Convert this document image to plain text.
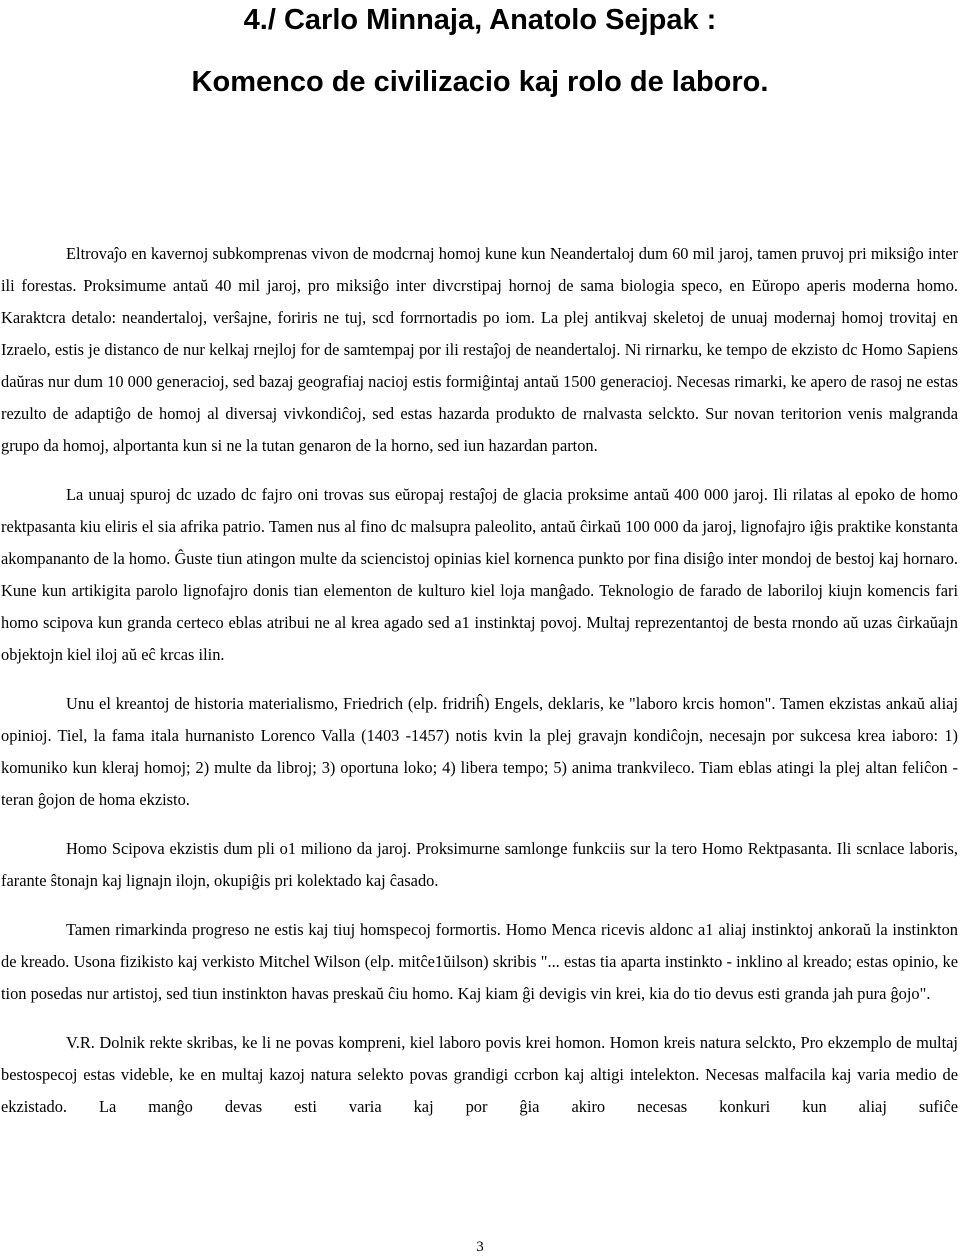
4./ Carlo Minnaja, Anatolo Sejpak :
Komenco de civilizacio kaj rolo de laboro.

Eltrovaĵo en kavernoj subkomprenas vivon de modcrnaj homoj kune kun Neandertaloj dum 60 mil jaroj, tamen pruvoj pri miksiĝo inter ili forestas. Proksimume antaŭ 40 mil jaroj, pro miksiĝo inter divcrstipaj hornoj de sama biologia speco, en Eŭropo aperis moderna homo. Karaktcra detalo: neandertaloj, verŝajne, foriris ne tuj, scd forrnortadis po iom. La plej antikvaj skeletoj de unuaj modernaj homoj trovitaj en Izraelo, estis je distanco de nur kelkaj rnejloj for de samtempaj por ili restaĵoj de neandertaloj. Ni rirnarku, ke tempo de ekzisto dc Homo Sapiens daŭras nur dum 10 000 generacioj, sed bazaj geografiaj nacioj estis formiĝintaj antaŭ 1500 generacioj. Necesas rimarki, ke apero de rasoj ne estas rezulto de adaptiĝo de homoj al diversaj vivkondiĉoj, sed estas hazarda produkto de rnalvasta selckto. Sur novan teritorion venis malgranda grupo da homoj, alportanta kun si ne la tutan genaron de la horno, sed iun hazardan parton.

La unuaj spuroj dc uzado dc fajro oni trovas sus eŭropaj restaĵoj de glacia proksime antaŭ 400 000 jaroj. Ili rilatas al epoko de homo rektpasanta kiu eliris el sia afrika patrio. Tamen nus al fino dc malsupra paleolito, antaŭ ĉirkaŭ 100 000 da jaroj, lignofajro iĝis praktike konstanta akompananto de la homo. Ĝuste tiun atingon multe da sciencistoj opinias kiel kornenca punkto por fina disiĝo inter mondoj de bestoj kaj hornaro. Kune kun artikigita parolo lignofajro donis tian elementon de kulturo kiel loja manĝado. Teknologio de farado de laboriloj kiujn komencis fari homo scipova kun granda certeco eblas atribui ne al krea agado sed a1 instinktaj povoj. Multaj reprezentantoj de besta rnondo aŭ uzas ĉirkaŭajn objektojn kiel iloj aŭ eĉ krcas ilin.

Unu el kreantoj de historia materialismo, Friedrich (elp. fridriĥ) Engels, deklaris, ke "laboro krcis homon". Tamen ekzistas ankaŭ aliaj opinioj. Tiel, la fama itala hurnanisto Lorenco Valla (1403 -1457) notis kvin la plej gravajn kondiĉojn, necesajn por sukcesa krea iaboro: 1) komuniko kun kleraj homoj; 2) multe da libroj; 3) oportuna loko; 4) libera tempo; 5) anima trankvileco. Tiam eblas atingi la plej altan feliĉon - teran ĝojon de homa ekzisto.

Homo Scipova ekzistis dum pli o1 miliono da jaroj. Proksimurne samlonge funkciis sur la tero Homo Rektpasanta. Ili scnlace laboris, farante ŝtonajn kaj lignajn ilojn, okupiĝis pri kolektado kaj ĉasado.

Tamen rimarkinda progreso ne estis kaj tiuj homspecoj formortis. Homo Menca ricevis aldonc a1 aliaj instinktoj ankoraŭ la instinkton de kreado. Usona fizikisto kaj verkisto Mitchel Wilson (elp. mitĉe1ŭilson) skribis "... estas tia aparta instinkto - inklino al kreado; estas opinio, ke tion posedas nur artistoj, sed tiun instinkton havas preskaŭ ĉiu homo. Kaj kiam ĝi devigis vin krei, kia do tio devus esti granda jah pura ĝojo".

V.R. Dolnik rekte skribas, ke li ne povas kompreni, kiel laboro povis krei homon. Homon kreis natura selckto, Pro ekzemplo de multaj bestospecoj estas videble, ke en multaj kazoj natura selekto povas grandigi ccrbon kaj altigi intelekton. Necesas malfacila kaj varia medio de ekzistado. La manĝo devas esti varia kaj por ĝia akiro necesas konkuri kun aliaj sufiĉe

3
